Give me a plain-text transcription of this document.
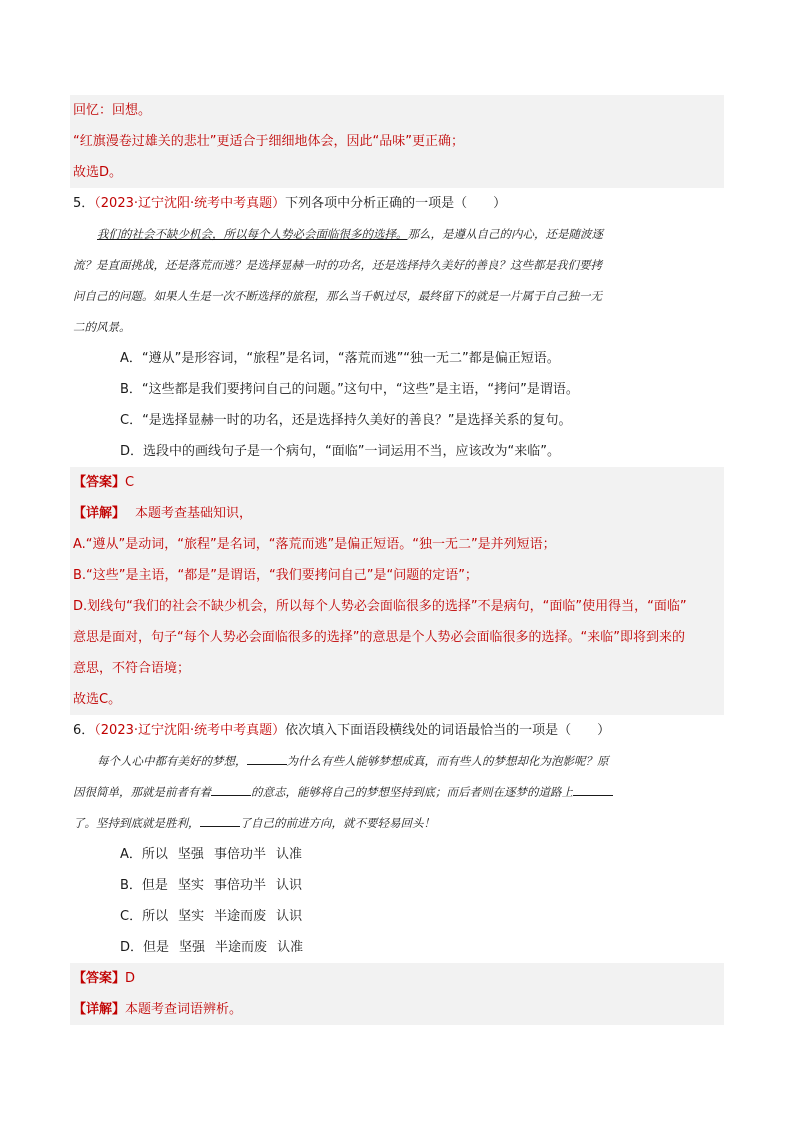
回忆：回想。
“红旗漫卷过雄关的悲壮”更适合于细细地体会，因此“品味”更正确；
故选D。
5．（2023·辽宁沈阳·统考中考真题）下列各项中分析正确的一项是（　　）
我们的社会不缺少机会，所以每个人势必会面临很多的选择。那么，是遵从自己的内心，还是随波逐
流？是直面挑战，还是落荒而逃？是选择显赫一时的功名，还是选择持久美好的善良？这些都是我们要拷
问自己的问题。如果人生是一次不断选择的旅程，那么当千帆过尽，最终留下的就是一片属于自己独一无
二的风景。
A．“遵从”是形容词，“旅程”是名词，“落荒而逃”“独一无二”都是偏正短语。
B．“这些都是我们要拷问自己的问题。”这句中，“这些”是主语，“拷问”是谓语。
C．“是选择显赫一时的功名，还是选择持久美好的善良？”是选择关系的复句。
D．选段中的画线句子是一个病句，“面临”一词运用不当，应该改为“来临”。
【答案】C
【详解】 本题考查基础知识，
A.“遵从”是动词，“旅程”是名词，“落荒而逃”是偏正短语。“独一无二”是并列短语；
B.“这些”是主语，“都是”是谓语，“我们要拷问自己”是“问题的定语”；
D.划线句“我们的社会不缺少机会，所以每个人势必会面临很多的选择”不是病句，“面临”使用得当，“面临”
意思是面对，句子“每个人势必会面临很多的选择”的意思是个人势必会面临很多的选择。“来临”即将到来的
意思，不符合语境；
故选C。
6．（2023·辽宁沈阳·统考中考真题）依次填入下面语段横线处的词语最恰当的一项是（　　）
每个人心中都有美好的梦想，	为什么有些人能够梦想成真，而有些人的梦想却化为泡影呢？原
因很简单，那就是前者有着	的意志，能够将自己的梦想坚持到底；而后者则在逐梦的道路上
了。坚持到底就是胜利，	了自己的前进方向，就不要轻易回头！
A．所以 坚强 事倍功半 认准
B．但是 坚实 事倍功半 认识
C．所以 坚实 半途而废 认识
D．但是 坚强 半途而废 认准
【答案】D
【详解】本题考查词语辨析。
